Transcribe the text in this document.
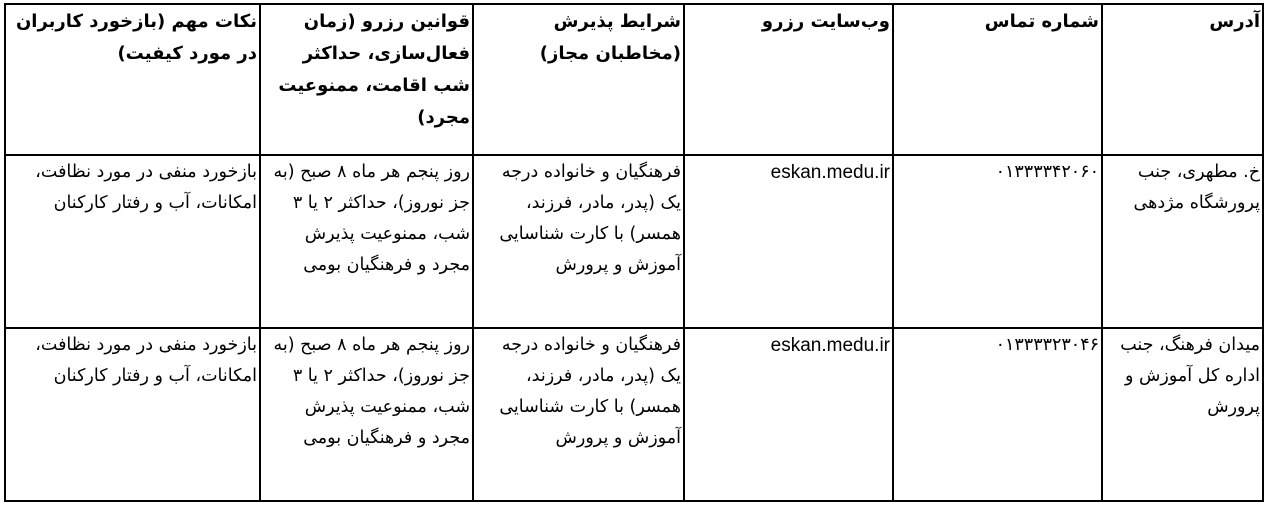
آدرس	شماره تماس	وب‌سایت رزرو	شرایط پذیرش (مخاطبان مجاز)	قوانین رزرو (زمان فعال‌سازی، حداکثر شب اقامت، ممنوعیت مجرد)	نکات مهم (بازخورد کاربران در مورد کیفیت)
خ. مطهری، جنب پرورشگاه مژدهی	۰۱۳۳۳۳۴۲۰۶۰	eskan.medu.ir	فرهنگیان و خانواده درجه یک (پدر، مادر، فرزند، همسر) با کارت شناسایی آموزش و پرورش	روز پنجم هر ماه ۸ صبح (به جز نوروز)، حداکثر ۲ یا ۳ شب، ممنوعیت پذیرش مجرد و فرهنگیان بومی	بازخورد منفی در مورد نظافت، امکانات، آب و رفتار کارکنان
میدان فرهنگ، جنب اداره کل آموزش و پرورش	۰۱۳۳۳۳۲۳۰۴۶	eskan.medu.ir	فرهنگیان و خانواده درجه یک (پدر، مادر، فرزند، همسر) با کارت شناسایی آموزش و پرورش	روز پنجم هر ماه ۸ صبح (به جز نوروز)، حداکثر ۲ یا ۳ شب، ممنوعیت پذیرش مجرد و فرهنگیان بومی	بازخورد منفی در مورد نظافت، امکانات، آب و رفتار کارکنان
